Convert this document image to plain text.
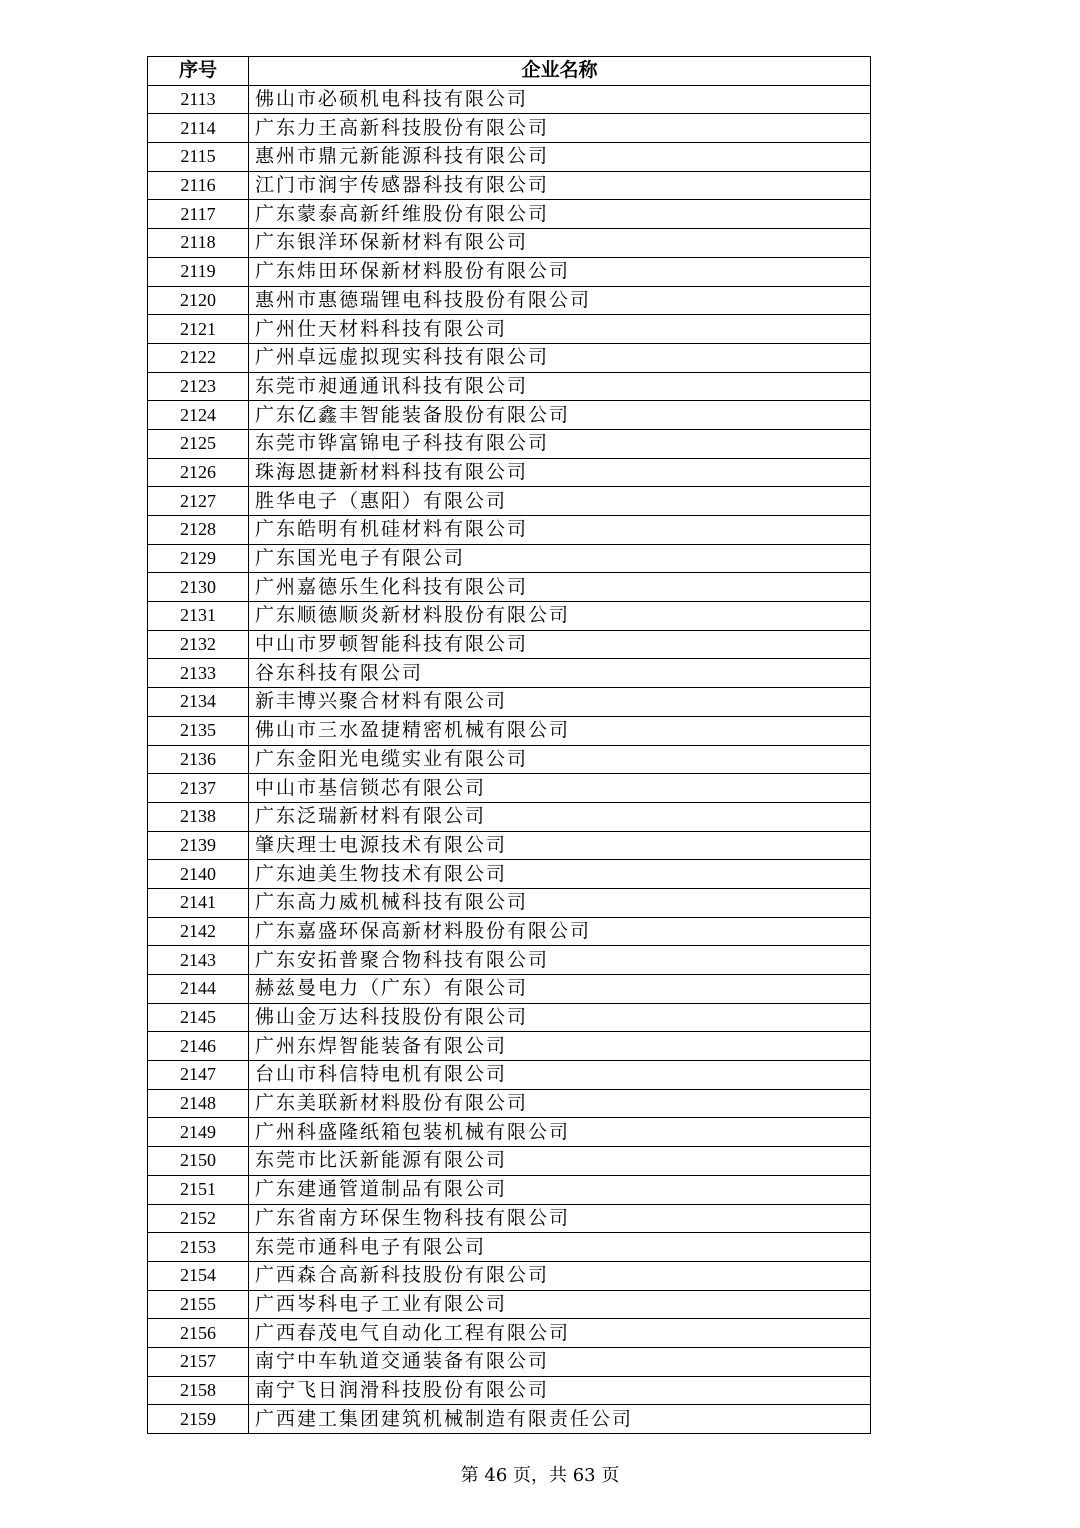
序号	企业名称
2113	佛山市必硕机电科技有限公司
2114	广东力王高新科技股份有限公司
2115	惠州市鼎元新能源科技有限公司
2116	江门市润宇传感器科技有限公司
2117	广东蒙泰高新纤维股份有限公司
2118	广东银洋环保新材料有限公司
2119	广东炜田环保新材料股份有限公司
2120	惠州市惠德瑞锂电科技股份有限公司
2121	广州仕天材料科技有限公司
2122	广州卓远虚拟现实科技有限公司
2123	东莞市昶通通讯科技有限公司
2124	广东亿鑫丰智能装备股份有限公司
2125	东莞市铧富锦电子科技有限公司
2126	珠海恩捷新材料科技有限公司
2127	胜华电子（惠阳）有限公司
2128	广东皓明有机硅材料有限公司
2129	广东国光电子有限公司
2130	广州嘉德乐生化科技有限公司
2131	广东顺德顺炎新材料股份有限公司
2132	中山市罗顿智能科技有限公司
2133	谷东科技有限公司
2134	新丰博兴聚合材料有限公司
2135	佛山市三水盈捷精密机械有限公司
2136	广东金阳光电缆实业有限公司
2137	中山市基信锁芯有限公司
2138	广东泛瑞新材料有限公司
2139	肇庆理士电源技术有限公司
2140	广东迪美生物技术有限公司
2141	广东高力威机械科技有限公司
2142	广东嘉盛环保高新材料股份有限公司
2143	广东安拓普聚合物科技有限公司
2144	赫兹曼电力（广东）有限公司
2145	佛山金万达科技股份有限公司
2146	广州东焊智能装备有限公司
2147	台山市科信特电机有限公司
2148	广东美联新材料股份有限公司
2149	广州科盛隆纸箱包装机械有限公司
2150	东莞市比沃新能源有限公司
2151	广东建通管道制品有限公司
2152	广东省南方环保生物科技有限公司
2153	东莞市通科电子有限公司
2154	广西森合高新科技股份有限公司
2155	广西岑科电子工业有限公司
2156	广西春茂电气自动化工程有限公司
2157	南宁中车轨道交通装备有限公司
2158	南宁飞日润滑科技股份有限公司
2159	广西建工集团建筑机械制造有限责任公司
第 46 页，共 63 页
